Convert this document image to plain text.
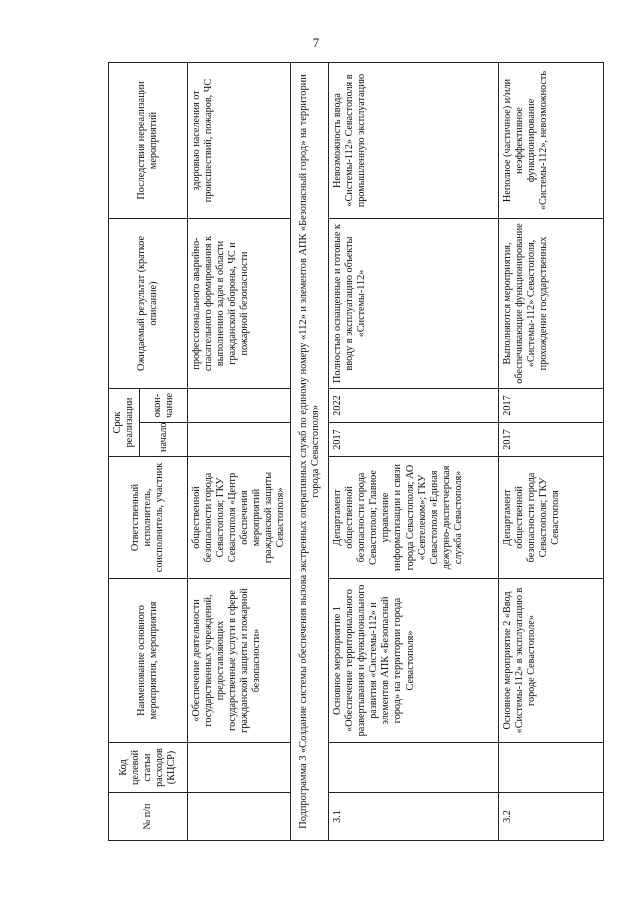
7
№ п/п	Код целевой статьи расходов (КЦСР)	Наименование основного мероприятия, мероприятия	Ответственный исполнитель, соисполнитель, участник	Срок реализации		Ожидаемый результат (краткое описание)	Последствия нереализации мероприятий
				начало	окон- чание		
		«Обеспечение деятельности государственных учреждений, предоставляющих государственные услуги в сфере гражданской защиты и пожарной безопасности»	общественной безопасности города Севастополя; ГКУ Севастополя «Центр обеспечения мероприятий гражданской защиты Севастополя»			профессионального аварийно-спасательного формирования к выполнению задач в области гражданской обороны, ЧС и пожарной безопасности	здоровью населения от происшествий, пожаров, ЧС
Подпрограмма 3 «Создание системы обеспечения вызова экстренных оперативных служб по единому номеру «112» и элементов АПК «Безопасный город» на территории города Севастополя»							
3.1		Основное мероприятие 1 «Обеспечение территориального развертывания и функционального развития «Системы-112» и элементов АПК «Безопасный город» на территории города Севастополя»	Департамент общественной безопасности города Севастополя; Главное управление информатизации и связи города Севастополя; АО «Севтелеком»; ГКУ Севастополя «Единая дежурно-диспетчерская служба Севастополя»	2017	2022	Полностью оснащенные и готовые к вводу в эксплуатацию объекты «Системы-112»	Невозможность ввода «Системы-112» Севастополя в промышленную эксплуатацию
3.2		Основное мероприятие 2 «Ввод «Системы-112» в эксплуатацию в городе Севастополе»	Департамент общественной безопасности города Севастополя; ГКУ Севастополя	2017	2017	Выполняются мероприятия, обеспечивающие функционирование «Системы-112» Севастополя, прохождение государственных	Неполное (частичное) и/или неэффективное функционирование «Системы-112», невозможность
